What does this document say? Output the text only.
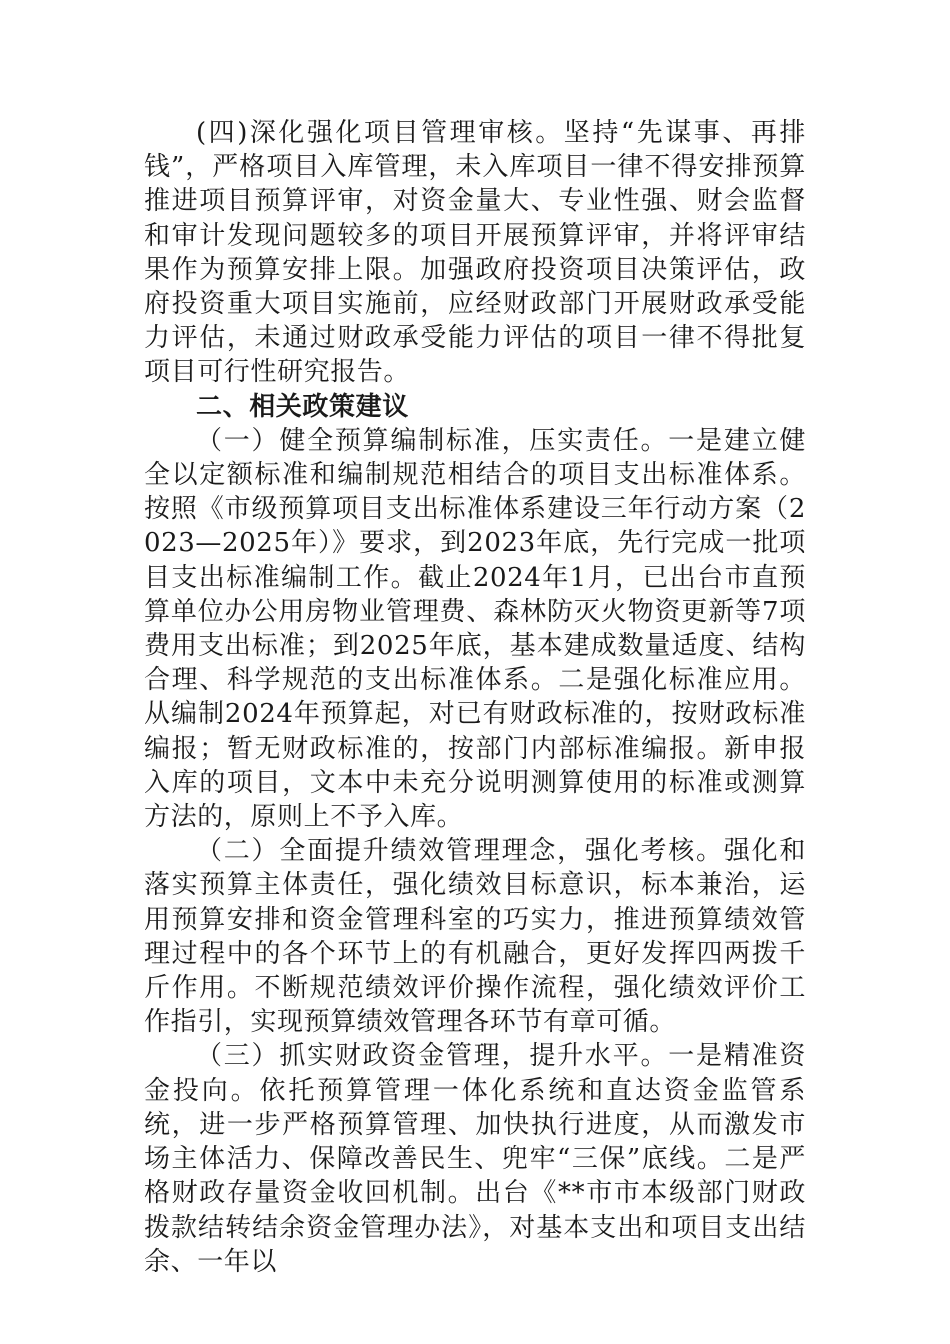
(四)深化强化项目管理审核。坚持“先谋事、再排钱”，严格项目入库管理，未入库项目一律不得安排预算推进项目预算评审，对资金量大、专业性强、财会监督和审计发现问题较多的项目开展预算评审，并将评审结果作为预算安排上限。加强政府投资项目决策评估，政府投资重大项目实施前，应经财政部门开展财政承受能力评估，未通过财政承受能力评估的项目一律不得批复项目可行性研究报告。

二、相关政策建议

（一）健全预算编制标准，压实责任。一是建立健全以定额标准和编制规范相结合的项目支出标准体系。按照《市级预算项目支出标准体系建设三年行动方案（2023—2025年）》要求，到2023年底，先行完成一批项目支出标准编制工作。截止2024年1月，已出台市直预算单位办公用房物业管理费、森林防灭火物资更新等7项费用支出标准；到2025年底，基本建成数量适度、结构合理、科学规范的支出标准体系。二是强化标准应用。从编制2024年预算起，对已有财政标准的，按财政标准编报；暂无财政标准的，按部门内部标准编报。新申报入库的项目，文本中未充分说明测算使用的标准或测算方法的，原则上不予入库。

（二）全面提升绩效管理理念，强化考核。强化和落实预算主体责任，强化绩效目标意识，标本兼治，运用预算安排和资金管理科室的巧实力，推进预算绩效管理过程中的各个环节上的有机融合，更好发挥四两拨千斤作用。不断规范绩效评价操作流程，强化绩效评价工作指引，实现预算绩效管理各环节有章可循。

（三）抓实财政资金管理，提升水平。一是精准资金投向。依托预算管理一体化系统和直达资金监管系统，进一步严格预算管理、加快执行进度，从而激发市场主体活力、保障改善民生、兜牢“三保”底线。二是严格财政存量资金收回机制。出台《**市市本级部门财政拨款结转结余资金管理办法》，对基本支出和项目支出结余、一年以
